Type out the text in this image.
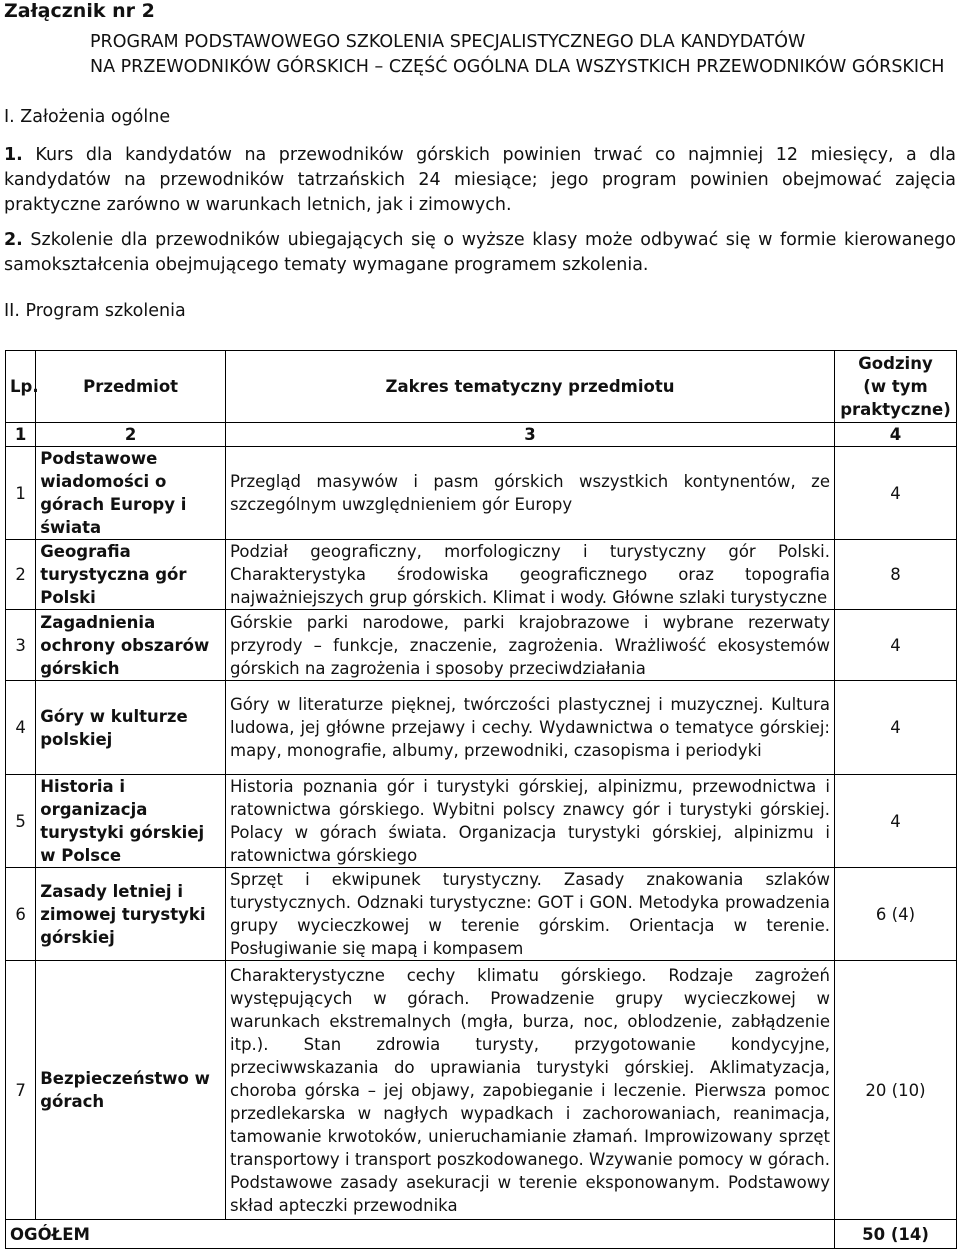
Załącznik nr 2
PROGRAM PODSTAWOWEGO SZKOLENIA SPECJALISTYCZNEGO DLA KANDYDATÓW
NA PRZEWODNIKÓW GÓRSKICH – CZĘŚĆ OGÓLNA DLA WSZYSTKICH PRZEWODNIKÓW GÓRSKICH
I. Założenia ogólne
1. Kurs dla kandydatów na przewodników górskich powinien trwać co najmniej 12 miesięcy, a dla kandydatów na przewodników tatrzańskich 24 miesiące; jego program powinien obejmować zajęcia praktyczne zarówno w warunkach letnich, jak i zimowych.
2. Szkolenie dla przewodników ubiegających się o wyższe klasy może odbywać się w formie kierowanego samokształcenia obejmującego tematy wymagane programem szkolenia.
II. Program szkolenia
Lp.	Przedmiot	Zakres tematyczny przedmiotu	Godziny
(w tym
praktyczne)
1	2	3	4
1	Podstawowe wiadomości o górach Europy i świata	Przegląd masywów i pasm górskich wszystkich kontynentów, ze szczególnym uwzględnieniem gór Europy	4
2	Geografia turystyczna gór Polski	Podział geograficzny, morfologiczny i turystyczny gór Polski. Charakterystyka środowiska geograficznego oraz topografia najważniejszych grup górskich. Klimat i wody. Główne szlaki turystyczne	8
3	Zagadnienia ochrony obszarów górskich	Górskie parki narodowe, parki krajobrazowe i wybrane rezerwaty przyrody – funkcje, znaczenie, zagrożenia. Wrażliwość ekosystemów górskich na zagrożenia i sposoby przeciwdziałania	4
4	Góry w kulturze polskiej	Góry w literaturze pięknej, twórczości plastycznej i muzycznej. Kultura ludowa, jej główne przejawy i cechy. Wydawnictwa o tematyce górskiej: mapy, monografie, albumy, przewodniki, czasopisma i periodyki	4
5	Historia i organizacja turystyki górskiej w Polsce	Historia poznania gór i turystyki górskiej, alpinizmu, przewodnictwa i ratownictwa górskiego. Wybitni polscy znawcy gór i turystyki górskiej. Polacy w górach świata. Organizacja turystyki górskiej, alpinizmu i ratownictwa górskiego	4
6	Zasady letniej i zimowej turystyki górskiej	Sprzęt i ekwipunek turystyczny. Zasady znakowania szlaków turystycznych. Odznaki turystyczne: GOT i GON. Metodyka prowadzenia grupy wycieczkowej w terenie górskim. Orientacja w terenie. Posługiwanie się mapą i kompasem	6 (4)
7	Bezpieczeństwo w górach	Charakterystyczne cechy klimatu górskiego. Rodzaje zagrożeń występujących w górach. Prowadzenie grupy wycieczkowej w warunkach ekstremalnych (mgła, burza, noc, oblodzenie, zabłądzenie itp.). Stan zdrowia turysty, przygotowanie kondycyjne, przeciwwskazania do uprawiania turystyki górskiej. Aklimatyzacja, choroba górska – jej objawy, zapobieganie i leczenie. Pierwsza pomoc przedlekarska w nagłych wypadkach i zachorowaniach, reanimacja, tamowanie krwotoków, unieruchamianie złamań. Improwizowany sprzęt transportowy i transport poszkodowanego. Wzywanie pomocy w górach. Podstawowe zasady asekuracji w terenie eksponowanym. Podstawowy skład apteczki przewodnika	20 (10)
OGÓŁEM			50 (14)
